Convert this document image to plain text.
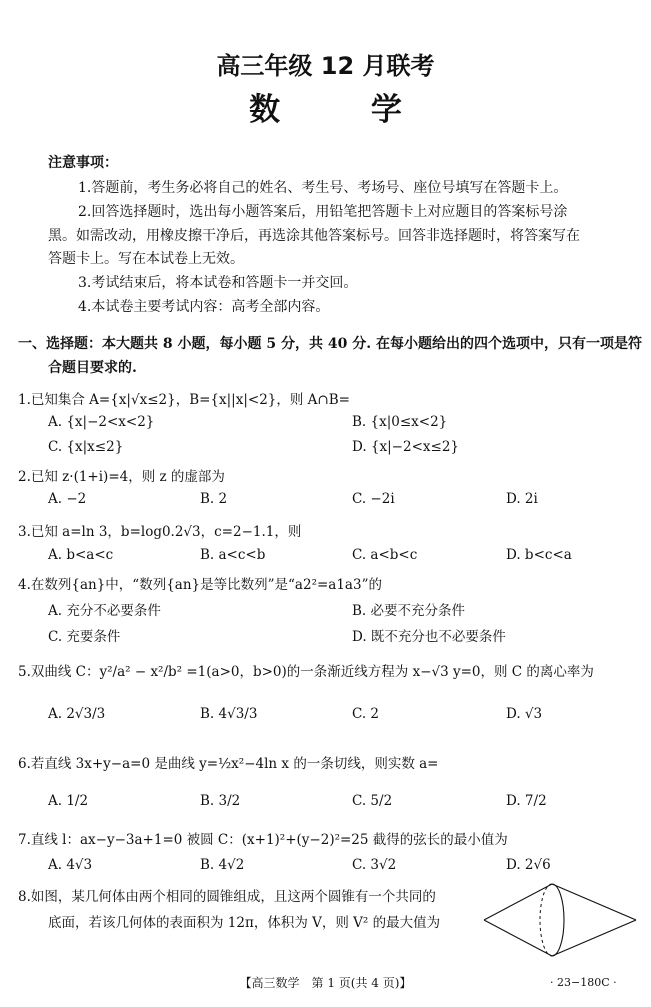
高三年级 12 月联考
数 学
注意事项：
1.答题前，考生务必将自己的姓名、考生号、考场号、座位号填写在答题卡上。
2.回答选择题时，选出每小题答案后，用铅笔把答题卡上对应题目的答案标号涂
黑。如需改动，用橡皮擦干净后，再选涂其他答案标号。回答非选择题时，将答案写在
答题卡上。写在本试卷上无效。
3.考试结束后，将本试卷和答题卡一并交回。
4.本试卷主要考试内容：高考全部内容。
一、选择题：本大题共 8 小题，每小题 5 分，共 40 分. 在每小题给出的四个选项中，只有一项是符
合题目要求的.
1.已知集合 A={x|√x≤2}，B={x||x|<2}，则 A∩B=
A. {x|−2<x<2}	B. {x|0≤x<2}
C. {x|x≤2}	D. {x|−2<x≤2}
2.已知 z·(1+i)=4，则 z 的虚部为
A. −2	B. 2	C. −2i	D. 2i
3.已知 a=ln 3，b=log0.2√3，c=2−1.1，则
A. b<a<c	B. a<c<b	C. a<b<c	D. b<c<a
4.在数列{an}中，“数列{an}是等比数列”是“a2²=a1a3”的
A. 充分不必要条件	B. 必要不充分条件
C. 充要条件	D. 既不充分也不必要条件
5.双曲线 C：y²/a² − x²/b² =1(a>0，b>0)的一条渐近线方程为 x−√3 y=0，则 C 的离心率为
A. 2√3/3	B. 4√3/3	C. 2	D. √3
6.若直线 3x+y−a=0 是曲线 y=½x²−4ln x 的一条切线，则实数 a=
A. 1/2	B. 3/2	C. 5/2	D. 7/2
7.直线 l：ax−y−3a+1=0 被圆 C：(x+1)²+(y−2)²=25 截得的弦长的最小值为
A. 4√3	B. 4√2	C. 3√2	D. 2√6
8.如图，某几何体由两个相同的圆锥组成，且这两个圆锥有一个共同的
底面，若该几何体的表面积为 12π，体积为 V，则 V² 的最大值为
【高三数学　第 1 页(共 4 页)】	· 23−180C ·
